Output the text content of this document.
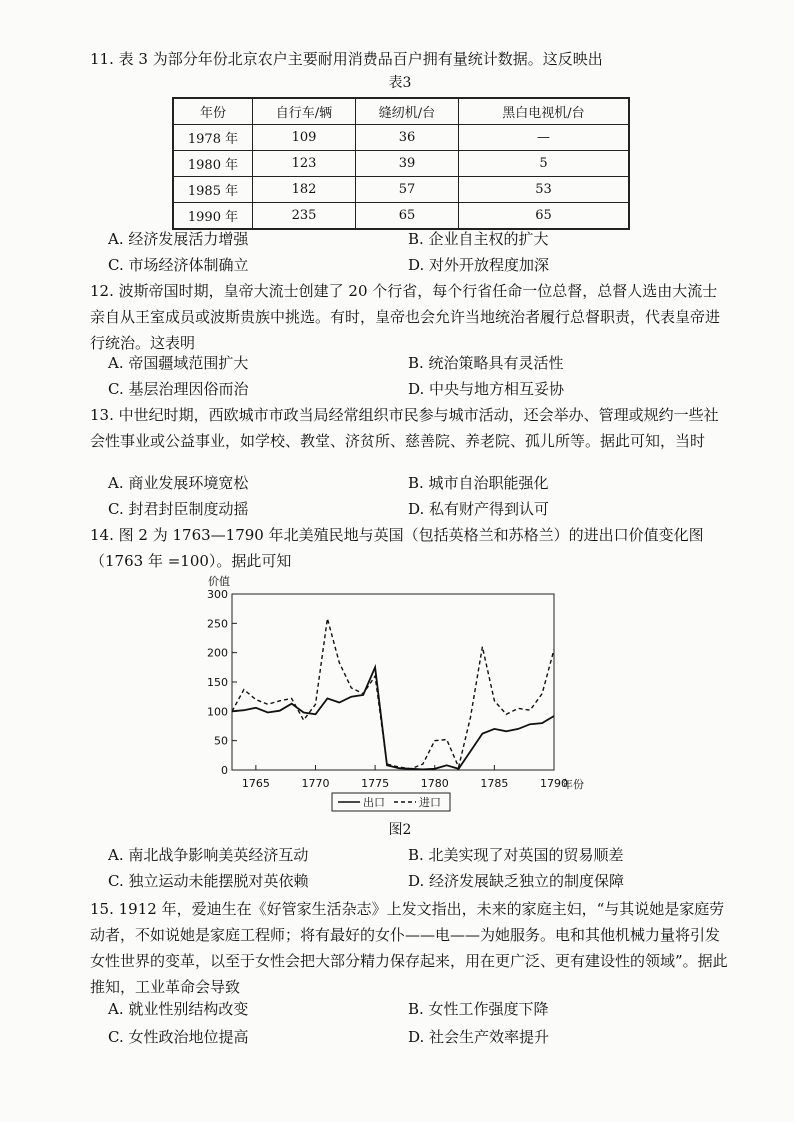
11. 表 3 为部分年份北京农户主要耐用消费品百户拥有量统计数据。这反映出
表3
年份	自行车/辆	缝纫机/台	黑白电视机/台
1978 年	109	36	—
1980 年	123	39	5
1985 年	182	57	53
1990 年	235	65	65
A. 经济发展活力增强	B. 企业自主权的扩大
C. 市场经济体制确立	D. 对外开放程度加深
12. 波斯帝国时期，皇帝大流士创建了 20 个行省，每个行省任命一位总督，总督人选由大流士亲自从王室成员或波斯贵族中挑选。有时，皇帝也会允许当地统治者履行总督职责，代表皇帝进行统治。这表明
A. 帝国疆域范围扩大	B. 统治策略具有灵活性
C. 基层治理因俗而治	D. 中央与地方相互妥协
13. 中世纪时期，西欧城市市政当局经常组织市民参与城市活动，还会举办、管理或规约一些社会性事业或公益事业，如学校、教堂、济贫所、慈善院、养老院、孤儿所等。据此可知，当时
A. 商业发展环境宽松	B. 城市自治职能强化
C. 封君封臣制度动摇	D. 私有财产得到认可
14. 图 2 为 1763—1790 年北美殖民地与英国（包括英格兰和苏格兰）的进出口价值变化图（1763 年 =100）。据此可知
价值
0
50
100
150
200
250
300
1765	1770	1775	1780	1785	1790
年份
出口	进口
图2
A. 南北战争影响美英经济互动	B. 北美实现了对英国的贸易顺差
C. 独立运动未能摆脱对英依赖	D. 经济发展缺乏独立的制度保障
15. 1912 年，爱迪生在《好管家生活杂志》上发文指出，未来的家庭主妇，“与其说她是家庭劳动者，不如说她是家庭工程师；将有最好的女仆——电——为她服务。电和其他机械力量将引发女性世界的变革，以至于女性会把大部分精力保存起来，用在更广泛、更有建设性的领域”。据此推知，工业革命会导致
A. 就业性别结构改变	B. 女性工作强度下降
C. 女性政治地位提高	D. 社会生产效率提升
